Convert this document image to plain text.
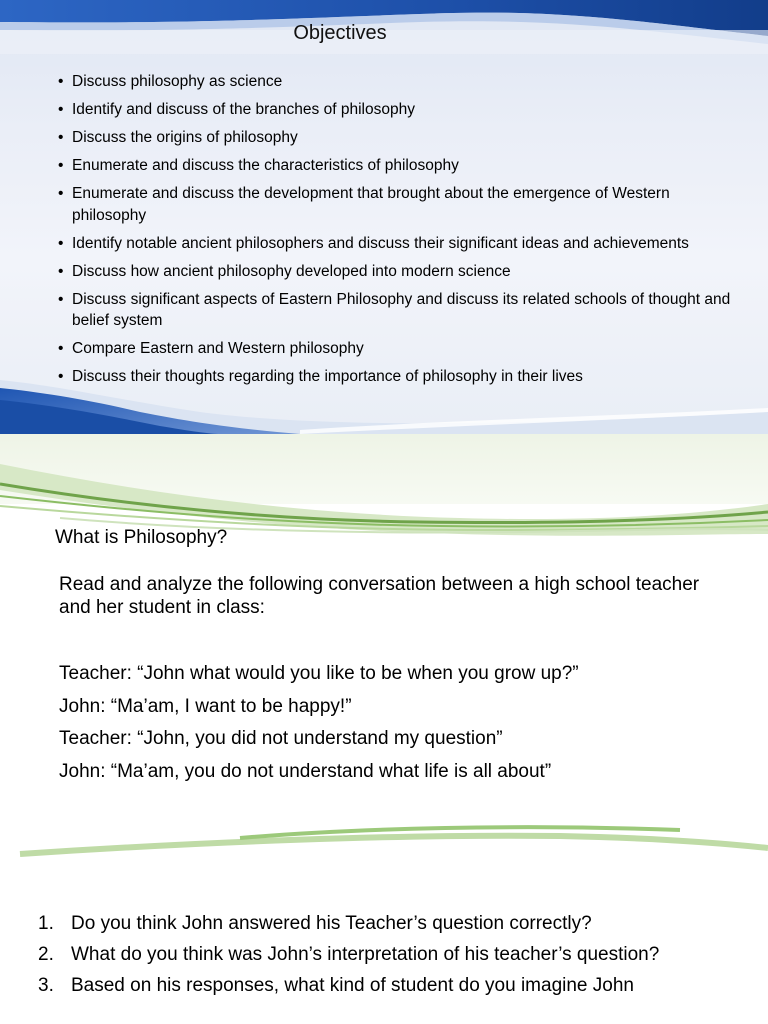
Objectives
• Discuss philosophy as science
• Identify and discuss of the branches of philosophy
• Discuss the origins of philosophy
• Enumerate and discuss the characteristics of philosophy
• Enumerate and discuss the development that brought about the emergence of Western philosophy
• Identify notable ancient philosophers and discuss their significant ideas and achievements
• Discuss how ancient philosophy developed into modern science
• Discuss significant aspects of Eastern Philosophy and discuss its related schools of thought and belief system
• Compare Eastern and Western philosophy
• Discuss their thoughts regarding the importance of philosophy in their lives
What is Philosophy?
Read and analyze the following conversation between a high school teacher and her student in class:
Teacher: “John what would you like to be when you grow up?”
John: “Ma’am, I want to be happy!”
Teacher: “John, you did not understand my question”
John: “Ma’am, you do not understand what life is all about”
1. Do you think John answered his Teacher’s question correctly?
2. What do you think was John’s interpretation of his teacher’s question?
3. Based on his responses, what kind of student do you imagine John
